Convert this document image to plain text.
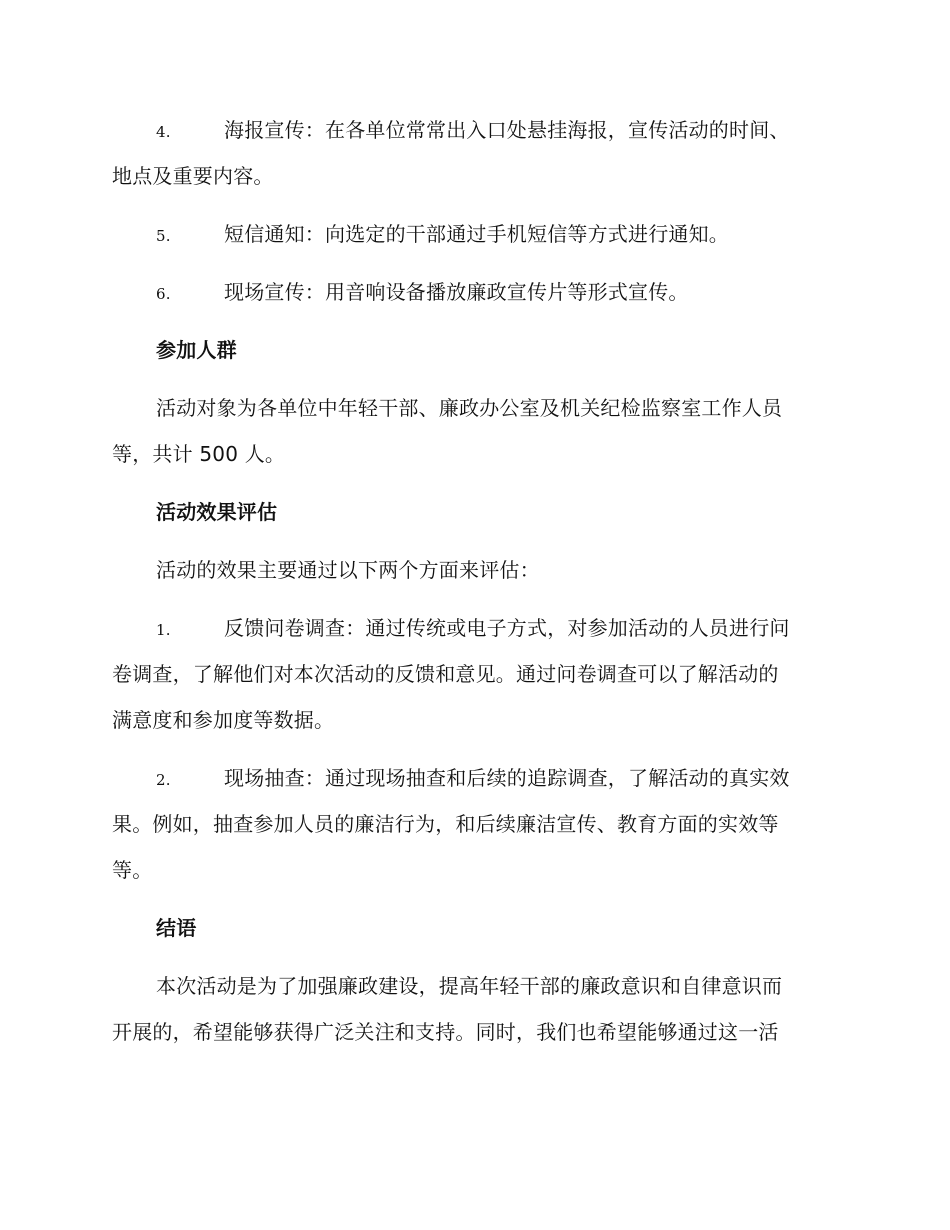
4.	海报宣传：在各单位常常出入口处悬挂海报，宣传活动的时间、
地点及重要内容。
5.	短信通知：向选定的干部通过手机短信等方式进行通知。
6.	现场宣传：用音响设备播放廉政宣传片等形式宣传。
参加人群
活动对象为各单位中年轻干部、廉政办公室及机关纪检监察室工作人员
等，共计 500 人。
活动效果评估
活动的效果主要通过以下两个方面来评估：
1.	反馈问卷调查：通过传统或电子方式，对参加活动的人员进行问
卷调查，了解他们对本次活动的反馈和意见。通过问卷调查可以了解活动的
满意度和参加度等数据。
2.	现场抽查：通过现场抽查和后续的追踪调查，了解活动的真实效
果。例如，抽查参加人员的廉洁行为，和后续廉洁宣传、教育方面的实效等
等。
结语
本次活动是为了加强廉政建设，提高年轻干部的廉政意识和自律意识而
开展的，希望能够获得广泛关注和支持。同时，我们也希望能够通过这一活
